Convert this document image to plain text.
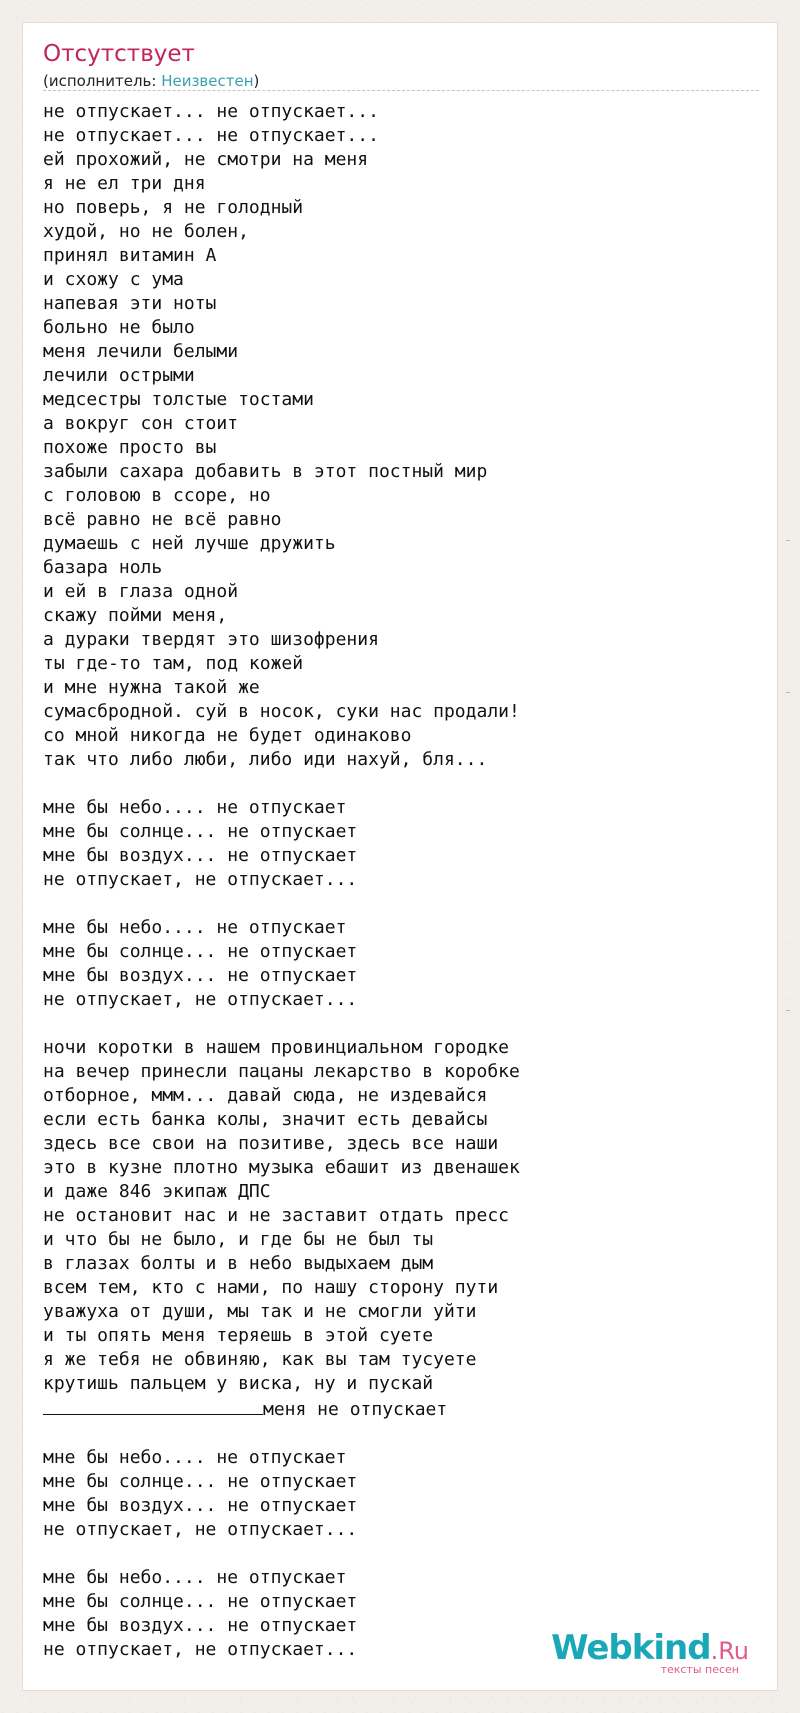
Отсутствует
(исполнитель: Неизвестен)
не отпускает... не отпускает...
не отпускает... не отпускает...
ей прохожий, не смотри на меня
я не ел три дня
но поверь, я не голодный
худой, но не болен,
принял витамин А
и схожу с ума
напевая эти ноты
больно не было
меня лечили белыми
лечили острыми
медсестры толстые тостами
а вокруг сон стоит
похоже просто вы
забыли сахара добавить в этот постный мир
с головою в ссоре, но
всё равно не всё равно
думаешь с ней лучше дружить
базара ноль
и ей в глаза одной
скажу пойми меня,
а дураки твердят это шизофрения
ты где-то там, под кожей
и мне нужна такой же
сумасбродной. суй в носок, суки нас продали!
со мной никогда не будет одинаково
так что либо люби, либо иди нахуй, бля...

мне бы небо.... не отпускает
мне бы солнце... не отпускает
мне бы воздух... не отпускает
не отпускает, не отпускает...

мне бы небо.... не отпускает
мне бы солнце... не отпускает
мне бы воздух... не отпускает
не отпускает, не отпускает...

ночи коротки в нашем провинциальном городке
на вечер принесли пацаны лекарство в коробке
отборное, ммм... давай сюда, не издевайся
если есть банка колы, значит есть девайсы
здесь все свои на позитиве, здесь все наши
это в кузне плотно музыка ебашит из двенашек
и даже 846 экипаж ДПС
не остановит нас и не заставит отдать пресс
и что бы не было, и где бы не был ты
в глазах болты и в небо выдыхаем дым
всем тем, кто с нами, по нашу сторону пути
уважуха от души, мы так и не смогли уйти
и ты опять меня теряешь в этой суете
я же тебя не обвиняю, как вы там тусуете
крутишь пальцем у виска, ну и пускай
меня не отпускает

мне бы небо.... не отпускает
мне бы солнце... не отпускает
мне бы воздух... не отпускает
не отпускает, не отпускает...

мне бы небо.... не отпускает
мне бы солнце... не отпускает
мне бы воздух... не отпускает
не отпускает, не отпускает...	Webkind.Ru
тексты песен
